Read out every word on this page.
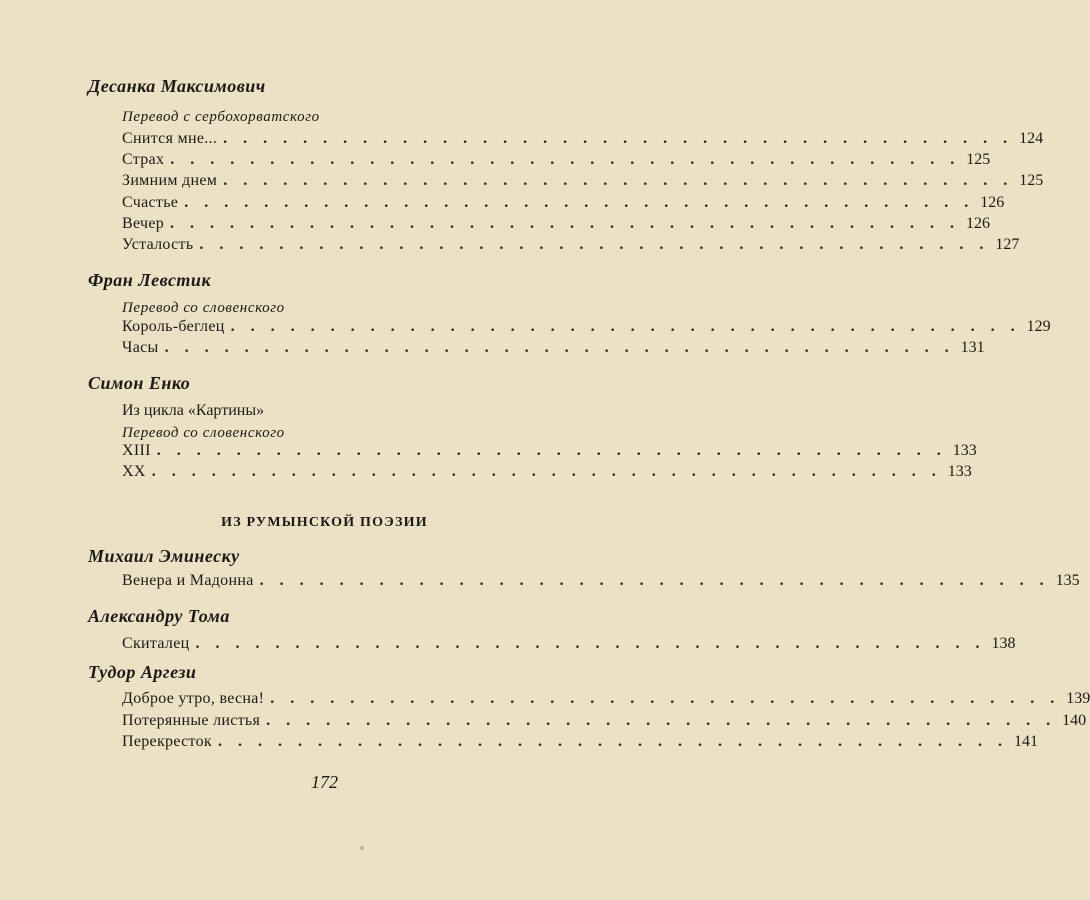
Десанка Максимович
Перевод с сербохорватского
Снится мне... . . . . . . . . . . . . . . . . . . . . . . . . . . . . . . . . . . . . . . . . 124
Страх . . . . . . . . . . . . . . . . . . . . . . . . . . . . . . . . . . . . . . . . 125
Зимним днем . . . . . . . . . . . . . . . . . . . . . . . . . . . . . . . . . . . . . . . . 125
Счастье . . . . . . . . . . . . . . . . . . . . . . . . . . . . . . . . . . . . . . . . 126
Вечер . . . . . . . . . . . . . . . . . . . . . . . . . . . . . . . . . . . . . . . . 126
Усталость . . . . . . . . . . . . . . . . . . . . . . . . . . . . . . . . . . . . . . . . 127
Фран Левстик
Перевод со словенского
Король-беглец . . . . . . . . . . . . . . . . . . . . . . . . . . . . . . . . . . . . . . . . 129
Часы . . . . . . . . . . . . . . . . . . . . . . . . . . . . . . . . . . . . . . . . 131
Симон Енко
Из цикла «Картины»
Перевод со словенского
XIII . . . . . . . . . . . . . . . . . . . . . . . . . . . . . . . . . . . . . . . . 133
XX . . . . . . . . . . . . . . . . . . . . . . . . . . . . . . . . . . . . . . . . 133
ИЗ РУМЫНСКОЙ ПОЭЗИИ
Михаил Эминеску
Венера и Мадонна . . . . . . . . . . . . . . . . . . . . . . . . . . . . . . . . . . . . . . . . 135
Александру Тома
Скиталец . . . . . . . . . . . . . . . . . . . . . . . . . . . . . . . . . . . . . . . . 138
Тудор Аргези
Доброе утро, весна! . . . . . . . . . . . . . . . . . . . . . . . . . . . . . . . . . . . . . . . . 139
Потерянные листья . . . . . . . . . . . . . . . . . . . . . . . . . . . . . . . . . . . . . . . . 140
Перекресток . . . . . . . . . . . . . . . . . . . . . . . . . . . . . . . . . . . . . . . . 141
172
